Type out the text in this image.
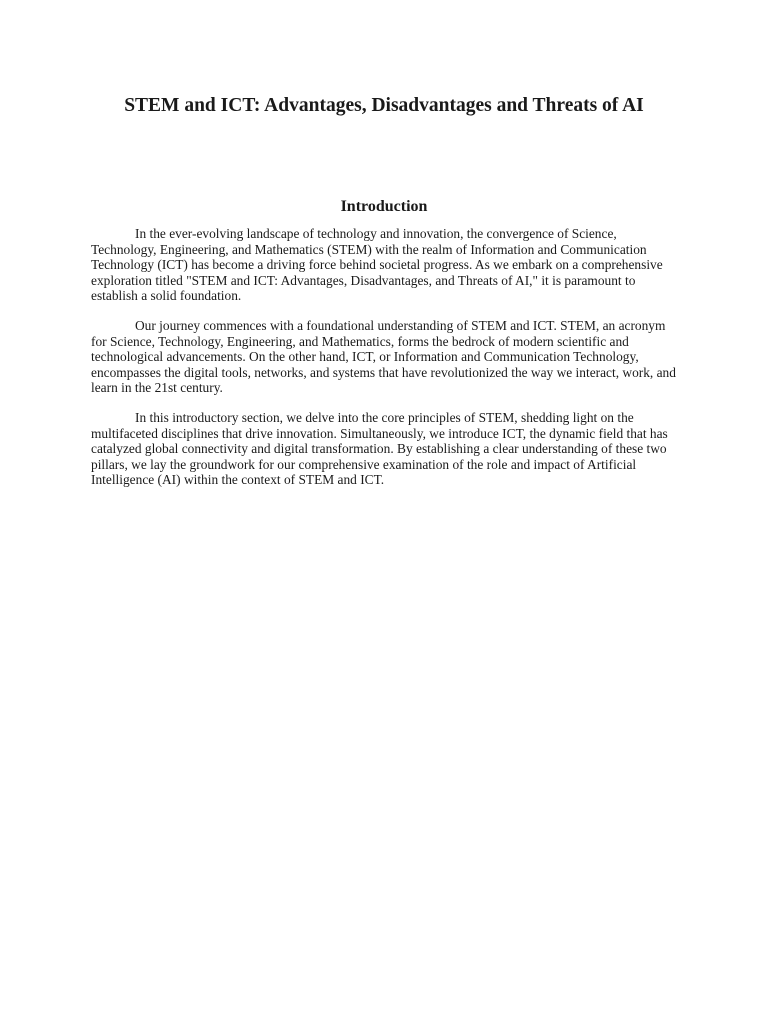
STEM and ICT: Advantages, Disadvantages and Threats of AI
Introduction

In the ever-evolving landscape of technology and innovation, the convergence of Science, Technology, Engineering, and Mathematics (STEM) with the realm of Information and Communication Technology (ICT) has become a driving force behind societal progress. As we embark on a comprehensive exploration titled "STEM and ICT: Advantages, Disadvantages, and Threats of AI," it is paramount to establish a solid foundation.

Our journey commences with a foundational understanding of STEM and ICT. STEM, an acronym for Science, Technology, Engineering, and Mathematics, forms the bedrock of modern scientific and technological advancements. On the other hand, ICT, or Information and Communication Technology, encompasses the digital tools, networks, and systems that have revolutionized the way we interact, work, and learn in the 21st century.

In this introductory section, we delve into the core principles of STEM, shedding light on the multifaceted disciplines that drive innovation. Simultaneously, we introduce ICT, the dynamic field that has catalyzed global connectivity and digital transformation. By establishing a clear understanding of these two pillars, we lay the groundwork for our comprehensive examination of the role and impact of Artificial Intelligence (AI) within the context of STEM and ICT.
